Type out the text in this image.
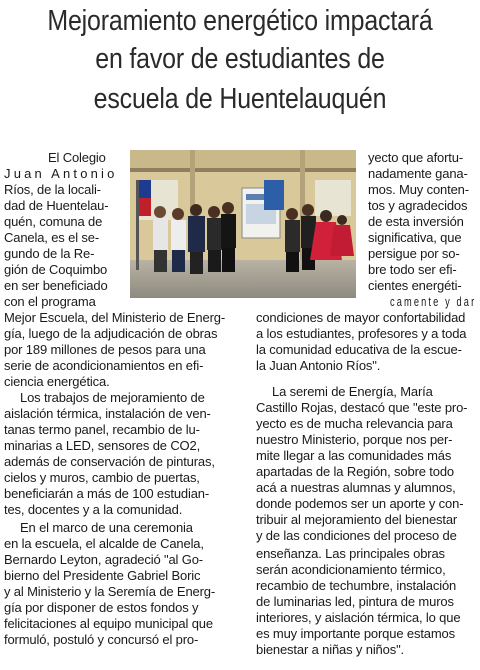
Mejoramiento energético impactará
en favor de estudiantes de
escuela de Huentelauquén
El Colegio
Juan Antonio
Ríos, de la locali-
dad de Huentelau-
quén, comuna de
Canela, es el se-
gundo de la Re-
gión de Coquimbo
en ser beneficiado
con el programa
Mejor Escuela, del Ministerio de Energ-
gía, luego de la adjudicación de obras
por 189 millones de pesos para una
serie de acondicionamientos en efi-
ciencia energética.
Los trabajos de mejoramiento de
aislación térmica, instalación de ven-
tanas termo panel, recambio de lu-
minarias a LED, sensores de CO2,
además de conservación de pinturas,
cielos y muros, cambio de puertas,
beneficiarán a más de 100 estudian-
tes, docentes y a la comunidad.
En el marco de una ceremonia
en la escuela, el alcalde de Canela,
Bernardo Leyton, agradeció "al Go-
bierno del Presidente Gabriel Boric
y al Ministerio y la Seremía de Energ-
gía por disponer de estos fondos y
felicitaciones al equipo municipal que
formuló, postuló y concursó el pro-
yecto que afortu-
nadamente gana-
mos. Muy conten-
tos y agradecidos
de esta inversión
significativa, que
persigue por so-
bre todo ser efi-
cientes energéti-
camente y dar
condiciones de mayor confortabilidad
a los estudiantes, profesores y a toda
la comunidad educativa de la escue-
la Juan Antonio Ríos".
La seremi de Energía, María
Castillo Rojas, destacó que "este pro-
yecto es de mucha relevancia para
nuestro Ministerio, porque nos per-
mite llegar a las comunidades más
apartadas de la Región, sobre todo
acá a nuestras alumnas y alumnos,
donde podemos ser un aporte y con-
tribuir al mejoramiento del bienestar
y de las condiciones del proceso de
enseñanza. Las principales obras
serán acondicionamiento térmico,
recambio de techumbre, instalación
de luminarias led, pintura de muros
interiores, y aislación térmica, lo que
es muy importante porque estamos
bienestar a niñas y niños".
